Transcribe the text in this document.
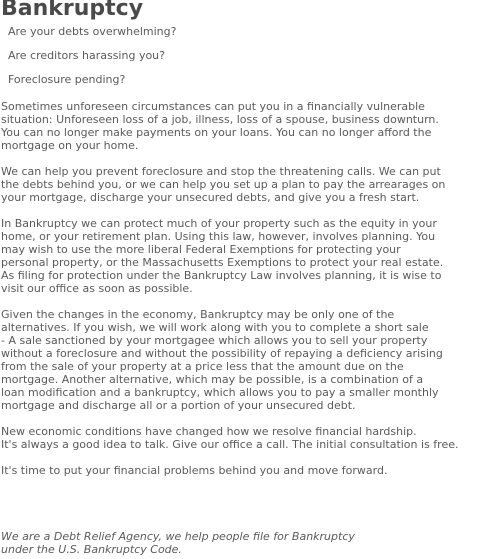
Bankruptcy
Are your debts overwhelming?
Are creditors harassing you?
Foreclosure pending?

Sometimes unforeseen circumstances can put you in a financially vulnerable
situation: Unforeseen loss of a job, illness, loss of a spouse, business downturn.
You can no longer make payments on your loans. You can no longer afford the
mortgage on your home.

We can help you prevent foreclosure and stop the threatening calls. We can put
the debts behind you, or we can help you set up a plan to pay the arrearages on
your mortgage, discharge your unsecured debts, and give you a fresh start.

In Bankruptcy we can protect much of your property such as the equity in your
home, or your retirement plan. Using this law, however, involves planning. You
may wish to use the more liberal Federal Exemptions for protecting your
personal property, or the Massachusetts Exemptions to protect your real estate.
As filing for protection under the Bankruptcy Law involves planning, it is wise to
visit our office as soon as possible.

Given the changes in the economy, Bankruptcy may be only one of the
alternatives. If you wish, we will work along with you to complete a short sale
- A sale sanctioned by your mortgagee which allows you to sell your property
without a foreclosure and without the possibility of repaying a deficiency arising
from the sale of your property at a price less that the amount due on the
mortgage. Another alternative, which may be possible, is a combination of a
loan modification and a bankruptcy, which allows you to pay a smaller monthly
mortgage and discharge all or a portion of your unsecured debt.

New economic conditions have changed how we resolve financial hardship.
It's always a good idea to talk. Give our office a call. The initial consultation is free.

It's time to put your financial problems behind you and move forward.

We are a Debt Relief Agency, we help people file for Bankruptcy
under the U.S. Bankruptcy Code.
